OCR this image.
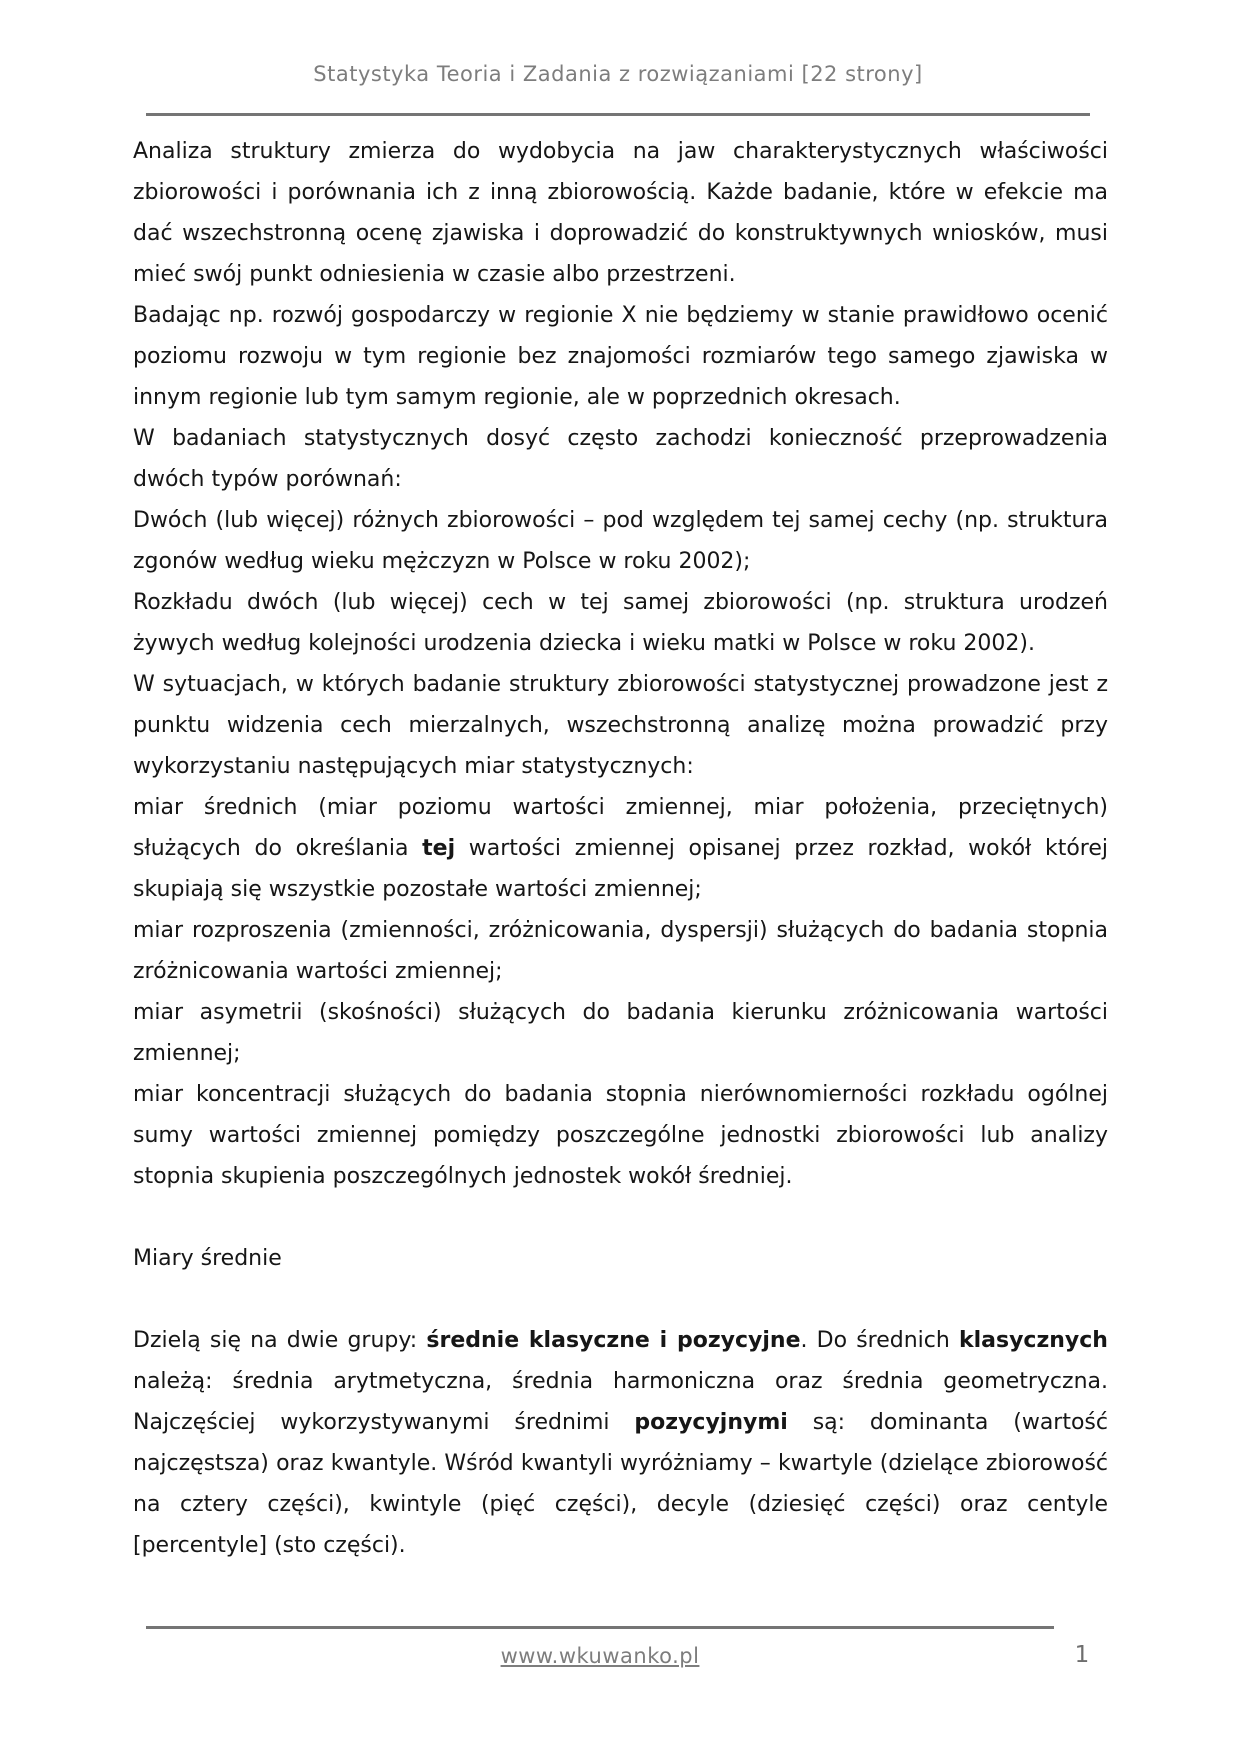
Statystyka Teoria i Zadania z rozwiązaniami [22 strony]

Analiza struktury zmierza do wydobycia na jaw charakterystycznych właściwości zbiorowości i porównania ich z inną zbiorowością. Każde badanie, które w efekcie ma dać wszechstronną ocenę zjawiska i doprowadzić do konstruktywnych wniosków, musi mieć swój punkt odniesienia w czasie albo przestrzeni.

Badając np. rozwój gospodarczy w regionie X nie będziemy w stanie prawidłowo ocenić poziomu rozwoju w tym regionie bez znajomości rozmiarów tego samego zjawiska w innym regionie lub tym samym regionie, ale w poprzednich okresach.

W badaniach statystycznych dosyć często zachodzi konieczność przeprowadzenia dwóch typów porównań:

Dwóch (lub więcej) różnych zbiorowości – pod względem tej samej cechy (np. struktura zgonów według wieku mężczyzn w Polsce w roku 2002);

Rozkładu dwóch (lub więcej) cech w tej samej zbiorowości (np. struktura urodzeń żywych według kolejności urodzenia dziecka i wieku matki w Polsce w roku 2002).

W sytuacjach, w których badanie struktury zbiorowości statystycznej prowadzone jest z punktu widzenia cech mierzalnych, wszechstronną analizę można prowadzić przy wykorzystaniu następujących miar statystycznych:

miar średnich (miar poziomu wartości zmiennej, miar położenia, przeciętnych) służących do określania tej wartości zmiennej opisanej przez rozkład, wokół której skupiają się wszystkie pozostałe wartości zmiennej;

miar rozproszenia (zmienności, zróżnicowania, dyspersji) służących do badania stopnia zróżnicowania wartości zmiennej;

miar asymetrii (skośności) służących do badania kierunku zróżnicowania wartości zmiennej;

miar koncentracji służących do badania stopnia nierównomierności rozkładu ogólnej sumy wartości zmiennej pomiędzy poszczególne jednostki zbiorowości lub analizy stopnia skupienia poszczególnych jednostek wokół średniej.

Miary średnie

Dzielą się na dwie grupy: średnie klasyczne i pozycyjne. Do średnich klasycznych należą: średnia arytmetyczna, średnia harmoniczna oraz średnia geometryczna. Najczęściej wykorzystywanymi średnimi pozycyjnymi są: dominanta (wartość najczęstsza) oraz kwantyle. Wśród kwantyli wyróżniamy – kwartyle (dzielące zbiorowość na cztery części), kwintyle (pięć części), decyle (dziesięć części) oraz centyle [percentyle] (sto części).

www.wkuwanko.pl	1
